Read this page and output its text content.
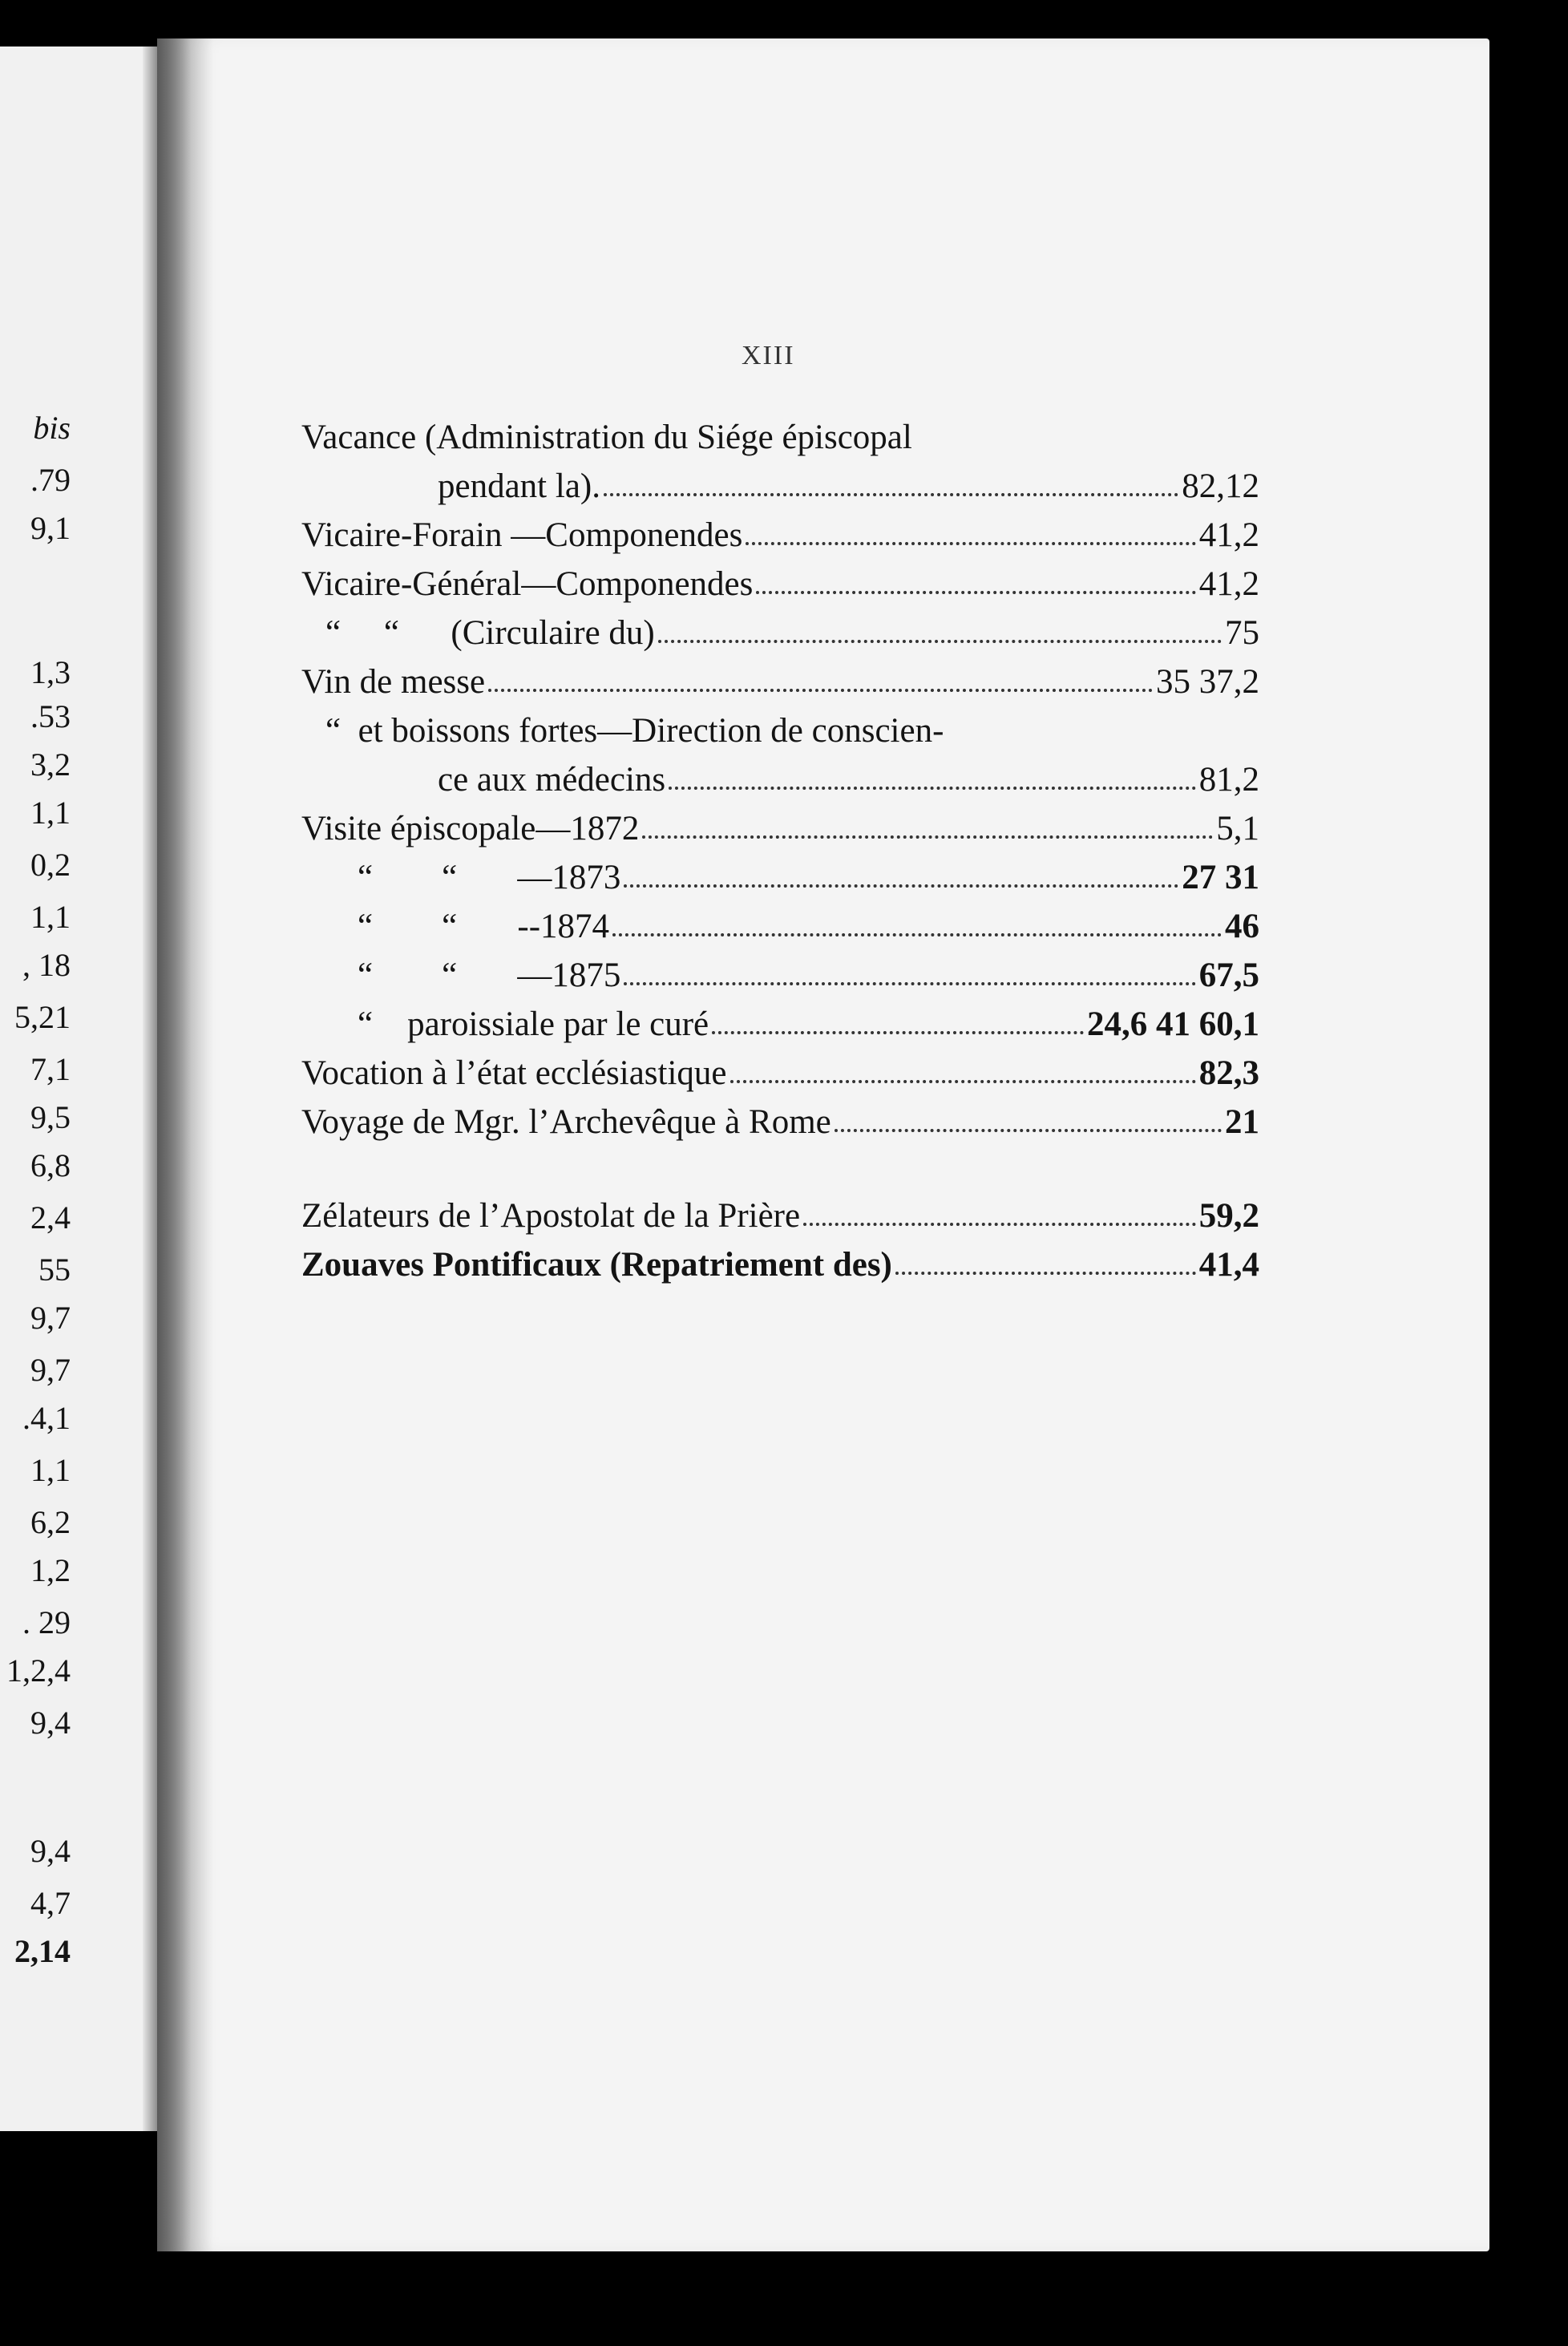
bis
.79
9,1
1,3
.53
3,2
1,1
0,2
1,1
, 18
5,21
7,1
9,5
6,8
2,4
55
9,7
9,7
.4,1
1,1
6,2
1,2
. 29
1,2,4
9,4
9,4
4,7
2,14
XIII
Vacance (Administration du Siége épiscopal
pendant la).	82,12
Vicaire-Forain —Componendes	41,2
Vicaire-Général—Componendes	41,2
“     “      (Circulaire du)	75
Vin de messe	35 37,2
“  et boissons fortes—Direction de conscien-
ce aux médecins	81,2
Visite épiscopale—1872	5,1
“        “       —1873	27 31
“        “       --1874	46
“        “       —1875	67,5
“    paroissiale par le curé	24,6 41 60,1
Vocation à l’état ecclésiastique	82,3
Voyage de Mgr. l’Archevêque à Rome	21
Zélateurs de l’Apostolat de la Prière	59,2
Zouaves Pontificaux (Repatriement des)	41,4
